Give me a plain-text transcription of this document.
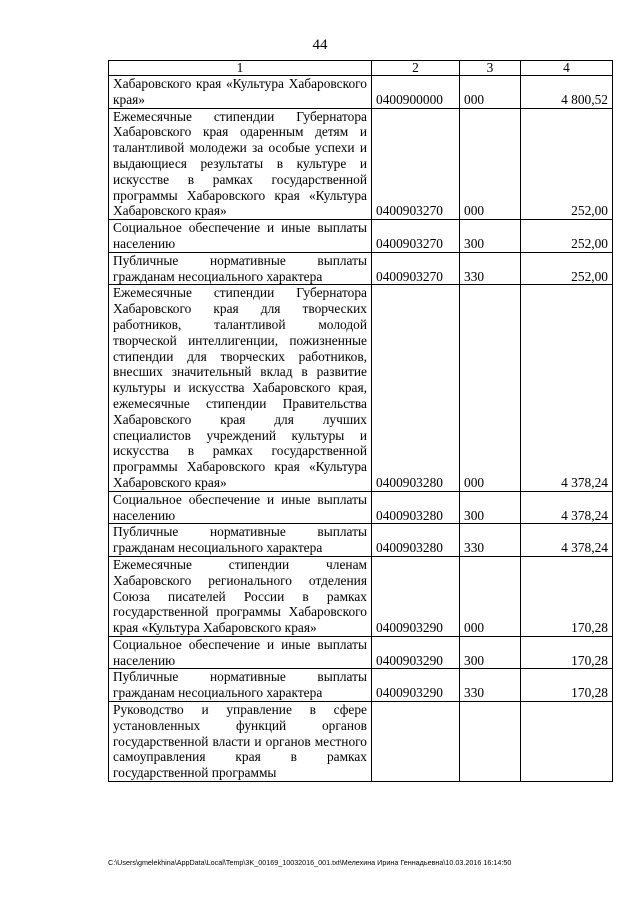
44
1	2	3	4
Хабаровского края «Культура Хабаровского края»	0400900000	000	4 800,52
Ежемесячные стипендии Губернатора Хабаровского края одаренным детям и талантливой молодежи за особые успехи и выдающиеся результаты в культуре и искусстве в рамках государственной программы Хабаровского края «Культура Хабаровского края»	0400903270	000	252,00
Социальное обеспечение и иные выплаты населению	0400903270	300	252,00
Публичные нормативные выплаты гражданам несоциального характера	0400903270	330	252,00
Ежемесячные стипендии Губернатора Хабаровского края для творческих работников, талантливой молодой творческой интеллигенции, пожизненные стипендии для творческих работников, внесших значительный вклад в развитие культуры и искусства Хабаровского края, ежемесячные стипендии Правительства Хабаровского края для лучших специалистов учреждений культуры и искусства в рамках государственной программы Хабаровского края «Культура Хабаровского края»	0400903280	000	4 378,24
Социальное обеспечение и иные выплаты населению	0400903280	300	4 378,24
Публичные нормативные выплаты гражданам несоциального характера	0400903280	330	4 378,24
Ежемесячные стипендии членам Хабаровского регионального отделения Союза писателей России в рамках государственной программы Хабаровского края «Культура Хабаровского края»	0400903290	000	170,28
Социальное обеспечение и иные выплаты населению	0400903290	300	170,28
Публичные нормативные выплаты гражданам несоциального характера	0400903290	330	170,28
Руководство и управление в сфере установленных функций органов государственной власти и органов местного самоуправления края в рамках государственной программы			
C:\Users\gmelekhina\AppData\Local\Temp\3K_00169_10032016_001.txt\Мелехина Ирина Геннадьевна\10.03.2016 16:14:50
